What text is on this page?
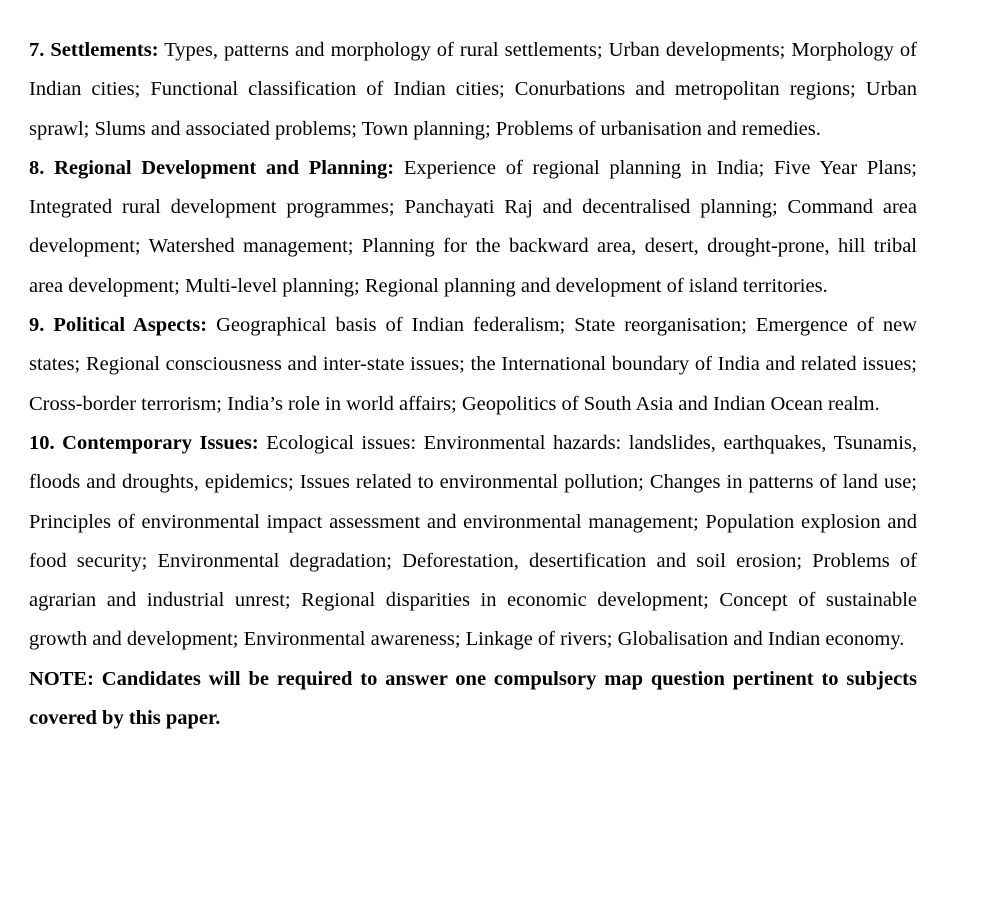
7. Settlements: Types, patterns and morphology of rural settlements; Urban developments; Morphology of Indian cities; Functional classification of Indian cities; Conurbations and metropolitan regions; Urban sprawl; Slums and associated problems; Town planning; Problems of urbanisation and remedies.

8. Regional Development and Planning: Experience of regional planning in India; Five Year Plans; Integrated rural development programmes; Panchayati Raj and decentralised planning; Command area development; Watershed management; Planning for the backward area, desert, drought-prone, hill tribal area development; Multi-level planning; Regional planning and development of island territories.

9. Political Aspects: Geographical basis of Indian federalism; State reorganisation; Emergence of new states; Regional consciousness and inter-state issues; the International boundary of India and related issues; Cross-border terrorism; India’s role in world affairs; Geopolitics of South Asia and Indian Ocean realm.

10. Contemporary Issues: Ecological issues: Environmental hazards: landslides, earthquakes, Tsunamis, floods and droughts, epidemics; Issues related to environmental pollution; Changes in patterns of land use; Principles of environmental impact assessment and environmental management; Population explosion and food security; Environmental degradation; Deforestation, desertification and soil erosion; Problems of agrarian and industrial unrest; Regional disparities in economic development; Concept of sustainable growth and development; Environmental awareness; Linkage of rivers; Globalisation and Indian economy.

NOTE: Candidates will be required to answer one compulsory map question pertinent to subjects covered by this paper.
